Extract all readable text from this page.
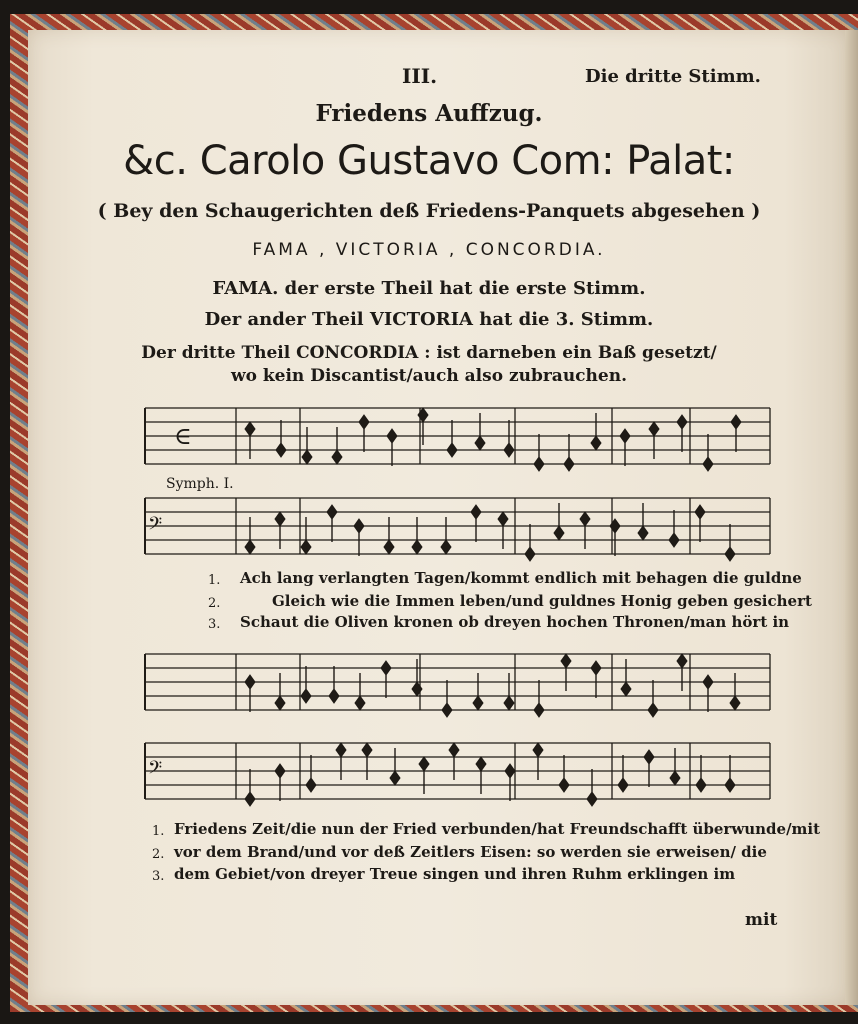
III.	Die dritte Stimm.
Friedens Auffzug.
&c. Carolo Gustavo Com: Palat:
( Bey den Schaugerichten deß Friedens-Panquets abgesehen )
FAMA , VICTORIA , CONCORDIA.
FAMA. der erste Theil hat die erste Stimm.
Der ander Theil VICTORIA hat die 3. Stimm.
Der dritte Theil CONCORDIA : ist darneben ein Baß gesetzt/
wo kein Discantist/auch also zubrauchen.
Symph. I.
∈
𝄢
𝄢
1. Ach lang verlangten Tagen/kommt endlich mit behagen die guldne
2.	Gleich wie die Immen leben/und guldnes Honig geben gesichert
3. Schaut die Oliven kronen ob dreyen hochen Thronen/man hört in
1. Friedens Zeit/die nun der Fried verbunden/hat Freundschafft überwunde/mit
2. vor dem Brand/und vor deß Zeitlers Eisen: so werden sie erweisen/ die
3. dem Gebiet/von dreyer Treue singen und ihren Ruhm erklingen im
mit
